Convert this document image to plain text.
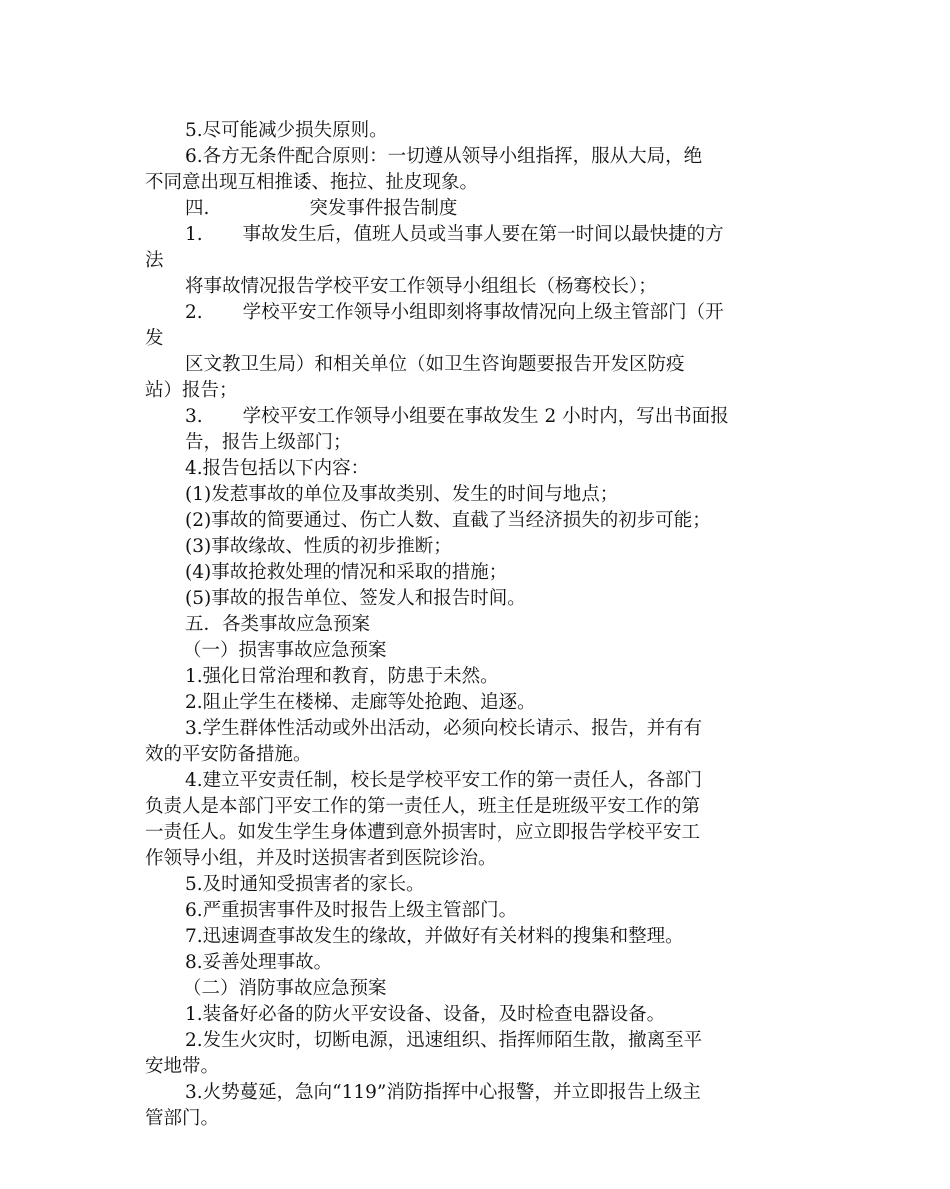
5.尽可能减少损失原则。
6.各方无条件配合原则：一切遵从领导小组指挥，服从大局，绝
不同意出现互相推诿、拖拉、扯皮现象。
四.	突发事件报告制度
1. 事故发生后，值班人员或当事人要在第一时间以最快捷的方
法
将事故情况报告学校平安工作领导小组组长（杨骞校长）；
2. 学校平安工作领导小组即刻将事故情况向上级主管部门（开
发
区文教卫生局）和相关单位（如卫生咨询题要报告开发区防疫
站）报告；
3. 学校平安工作领导小组要在事故发生 2 小时内，写出书面报
告，报告上级部门；
4.报告包括以下内容：
(1)发惹事故的单位及事故类别、发生的时间与地点；
(2)事故的简要通过、伤亡人数、直截了当经济损失的初步可能；
(3)事故缘故、性质的初步推断；
(4)事故抢救处理的情况和采取的措施；
(5)事故的报告单位、签发人和报告时间。
五．各类事故应急预案
（一）损害事故应急预案
1.强化日常治理和教育，防患于未然。
2.阻止学生在楼梯、走廊等处抢跑、追逐。
3.学生群体性活动或外出活动，必须向校长请示、报告，并有有
效的平安防备措施。
4.建立平安责任制，校长是学校平安工作的第一责任人，各部门
负责人是本部门平安工作的第一责任人，班主任是班级平安工作的第
一责任人。如发生学生身体遭到意外损害时，应立即报告学校平安工
作领导小组，并及时送损害者到医院诊治。
5.及时通知受损害者的家长。
6.严重损害事件及时报告上级主管部门。
7.迅速调查事故发生的缘故，并做好有关材料的搜集和整理。
8.妥善处理事故。
（二）消防事故应急预案
1.装备好必备的防火平安设备、设备，及时检查电器设备。
2.发生火灾时，切断电源，迅速组织、指挥师陌生散，撤离至平
安地带。
3.火势蔓延，急向“119”消防指挥中心报警，并立即报告上级主
管部门。
